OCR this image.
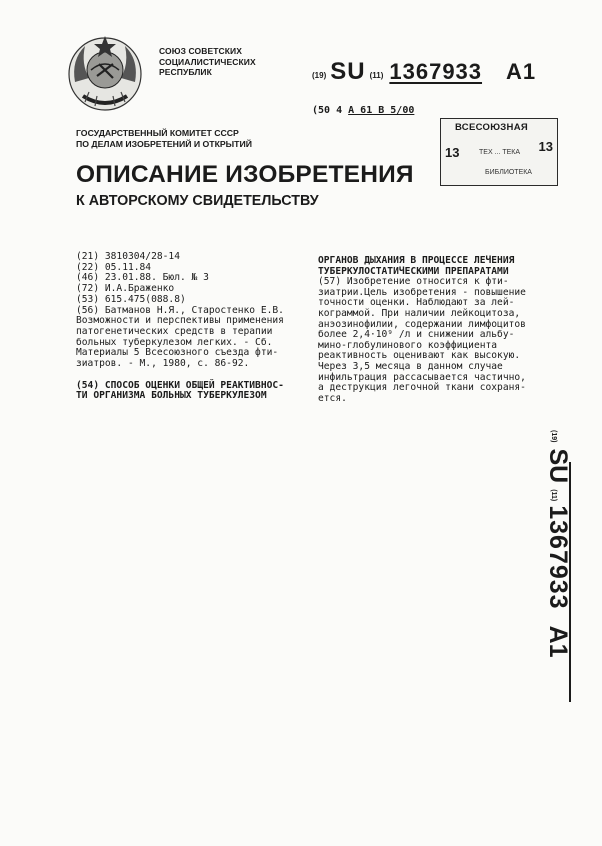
СОЮЗ СОВЕТСКИХ
СОЦИАЛИСТИЧЕСКИХ
РЕСПУБЛИК	(19) SU (11) 1367933 A1
(50 4 A 61 B 5/00
ГОСУДАРСТВЕННЫЙ КОМИТЕТ СССР
ПО ДЕЛАМ ИЗОБРЕТЕНИЙ И ОТКРЫТИЙ
ВСЕСОЮЗНАЯ
13	ТЕХ ... ТЕКА 13
БИБЛИОТЕКА
ОПИСАНИЕ ИЗОБРЕТЕНИЯ
К АВТОРСКОМУ СВИДЕТЕЛЬСТВУ
(21) 3810304/28-14
(22) 05.11.84
(46) 23.01.88. Бюл. № 3
(72) И.А.Браженко
(53) 615.475(088.8)
(56) Батманов Н.Я., Старостенко Е.В.
Возможности и перспективы применения
патогенетических средств в терапии
больных туберкулезом легких. - Сб.
Материалы 5 Всесоюзного съезда фти-
зиатров. - М., 1980, с. 86-92.
(54) СПОСОБ ОЦЕНКИ ОБЩЕЙ РЕАКТИВНОС-
ТИ ОРГАНИЗМА БОЛЬНЫХ ТУБЕРКУЛЕЗОМ
ОРГАНОВ ДЫХАНИЯ В ПРОЦЕССЕ ЛЕЧЕНИЯ
ТУБЕРКУЛОСТАТИЧЕСКИМИ ПРЕПАРАТАМИ
(57) Изобретение относится к фти-
зиатрии.Цель изобретения - повышение
точности оценки. Наблюдают за лей-
кограммой. При наличии лейкоцитоза,
анэозинофилии, содержании лимфоцитов
более 2,4·10⁹ /л и снижении альбу-
мино-глобулинового коэффициента
реактивность оценивают как высокую.
Через 3,5 месяца в данном случае
инфильтрация рассасывается частично,
а деструкция легочной ткани сохраня-
ется.
(19)SU(11)1367933A1
